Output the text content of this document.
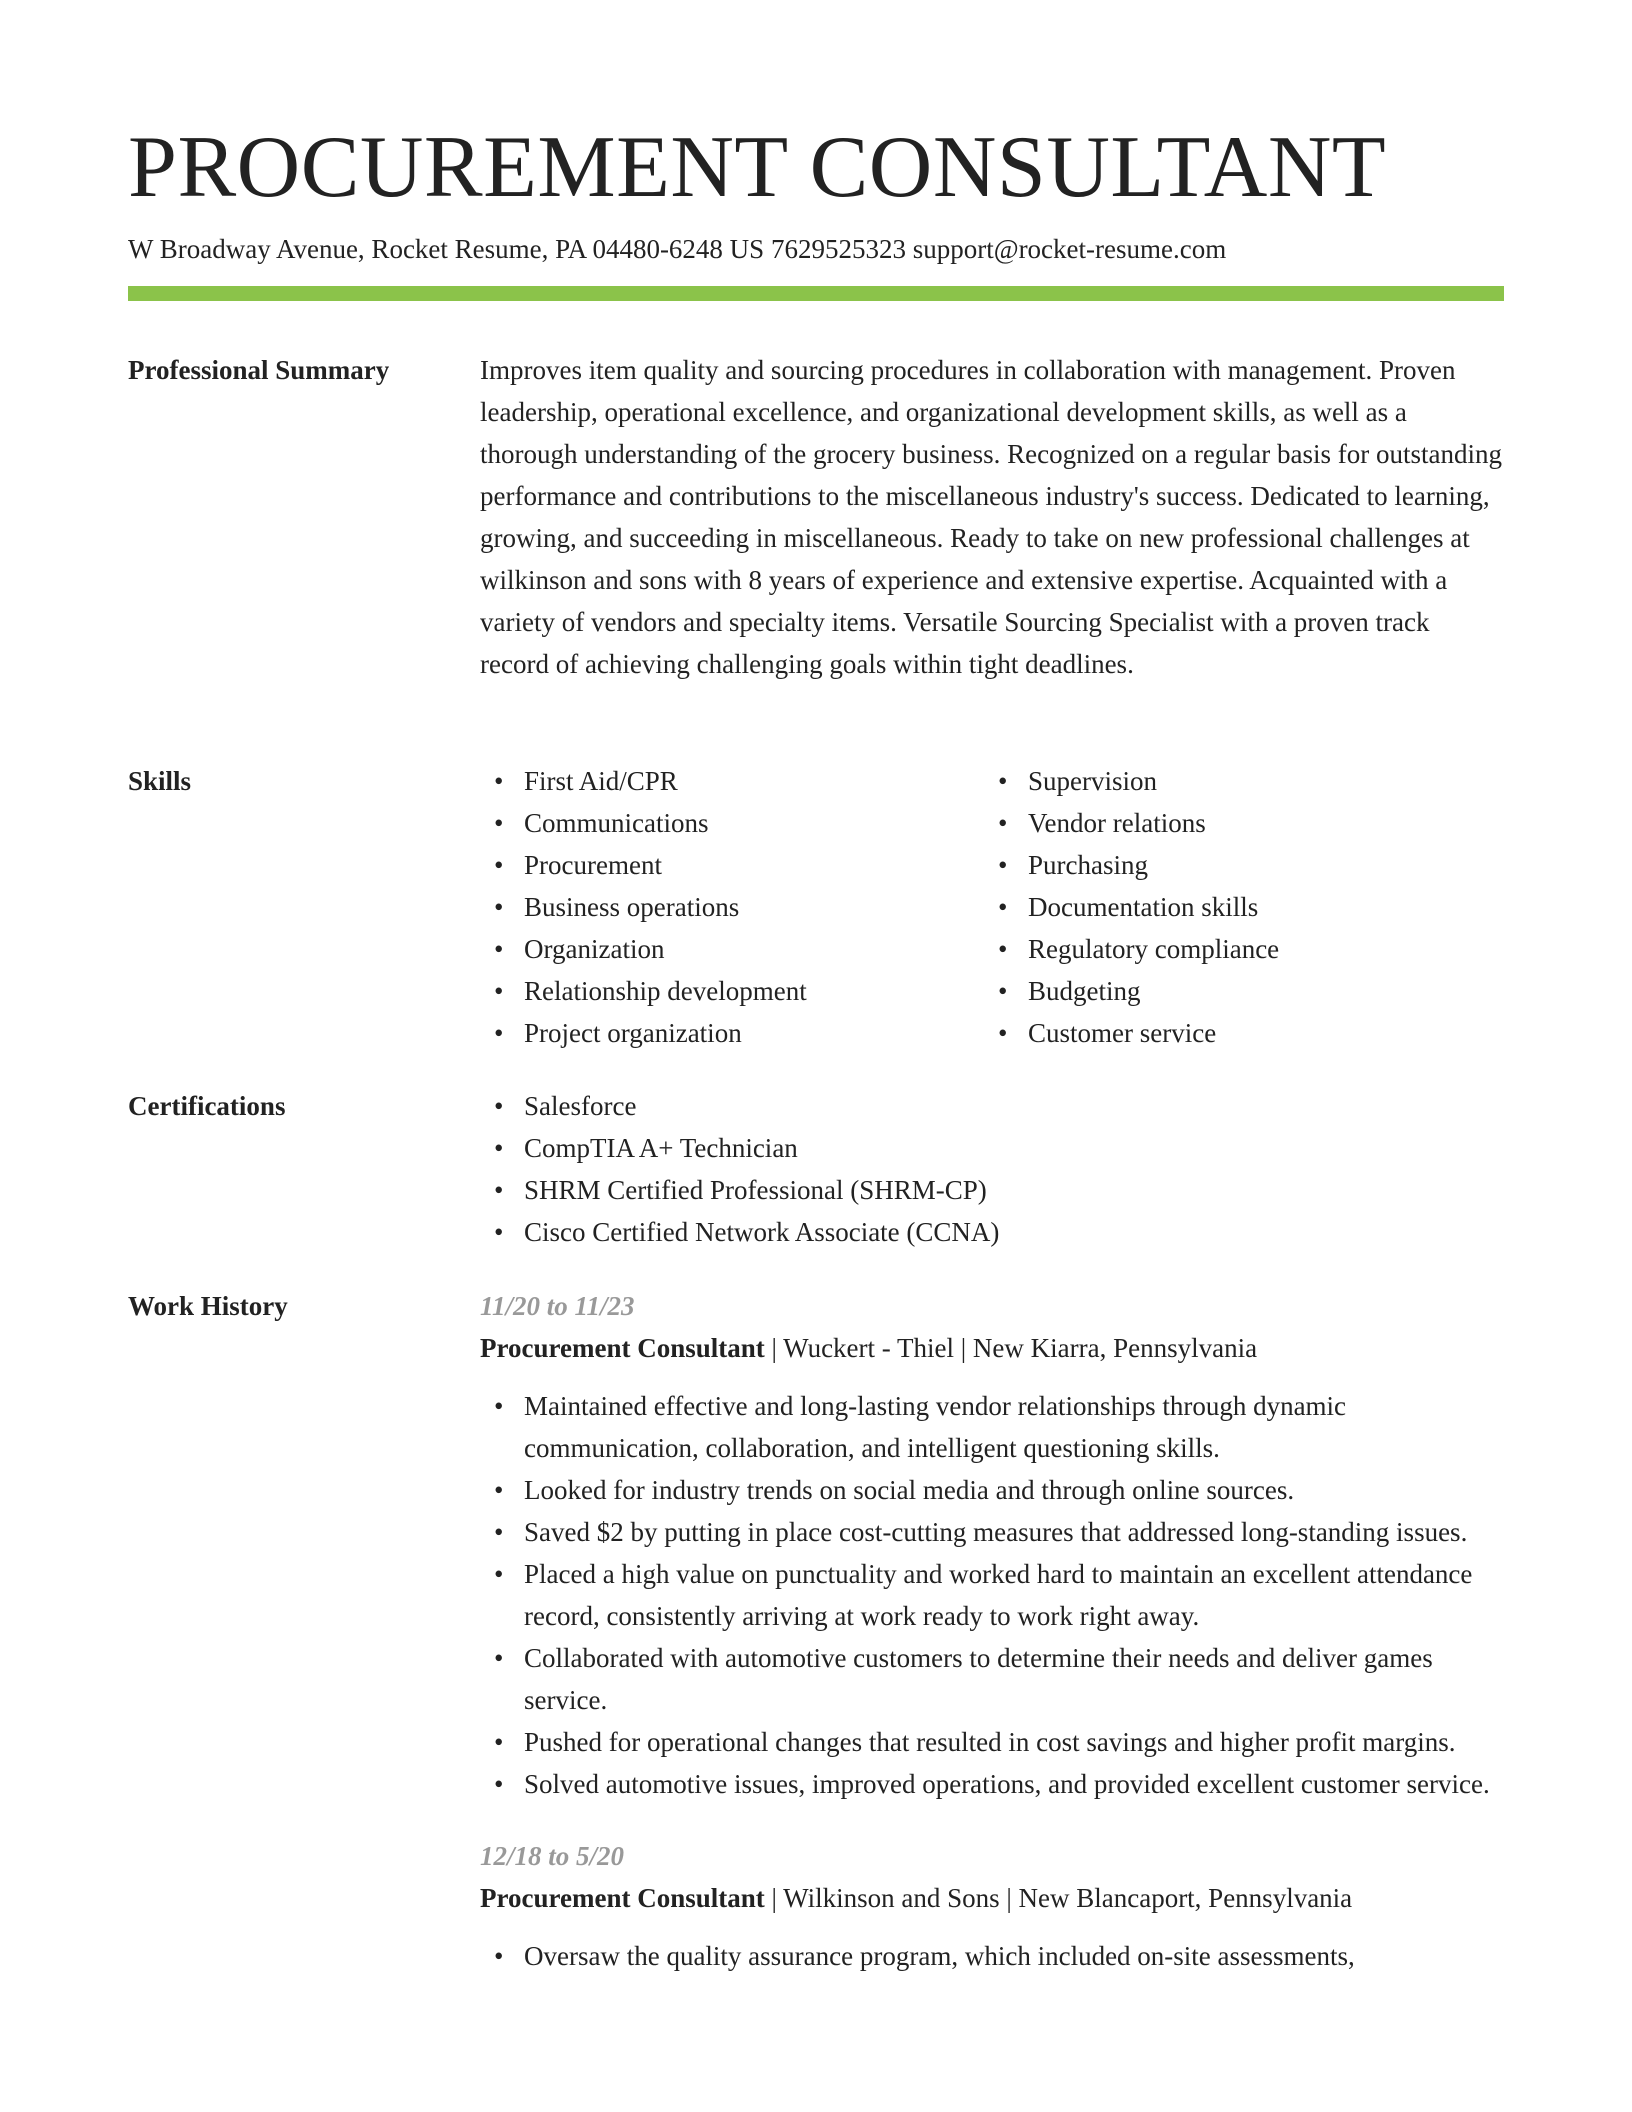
PROCUREMENT CONSULTANT
W Broadway Avenue, Rocket Resume, PA 04480-6248 US 7629525323 support@rocket-resume.com
Professional Summary	Improves item quality and sourcing procedures in collaboration with management. Proven leadership, operational excellence, and organizational development skills, as well as a thorough understanding of the grocery business. Recognized on a regular basis for outstanding performance and contributions to the miscellaneous industry's success. Dedicated to learning, growing, and succeeding in miscellaneous. Ready to take on new professional challenges at wilkinson and sons with 8 years of experience and extensive expertise. Acquainted with a variety of vendors and specialty items. Versatile Sourcing Specialist with a proven track record of achieving challenging goals within tight deadlines.

Skills	• First Aid/CPR
• Communications
• Procurement
• Business operations
• Organization
• Relationship development
• Project organization
• Supervision
• Vendor relations
• Purchasing
• Documentation skills
• Regulatory compliance
• Budgeting
• Customer service
Certifications	• Salesforce
• CompTIA A+ Technician
• SHRM Certified Professional (SHRM-CP)
• Cisco Certified Network Associate (CCNA)
Work History	11/20 to 11/23
Procurement Consultant | Wuckert - Thiel | New Kiarra, Pennsylvania
• Maintained effective and long-lasting vendor relationships through dynamic communication, collaboration, and intelligent questioning skills.
• Looked for industry trends on social media and through online sources.
• Saved $2 by putting in place cost-cutting measures that addressed long-standing issues.
• Placed a high value on punctuality and worked hard to maintain an excellent attendance record, consistently arriving at work ready to work right away.
• Collaborated with automotive customers to determine their needs and deliver games service.
• Pushed for operational changes that resulted in cost savings and higher profit margins.
• Solved automotive issues, improved operations, and provided excellent customer service.
12/18 to 5/20
Procurement Consultant | Wilkinson and Sons | New Blancaport, Pennsylvania
• Oversaw the quality assurance program, which included on-site assessments,
